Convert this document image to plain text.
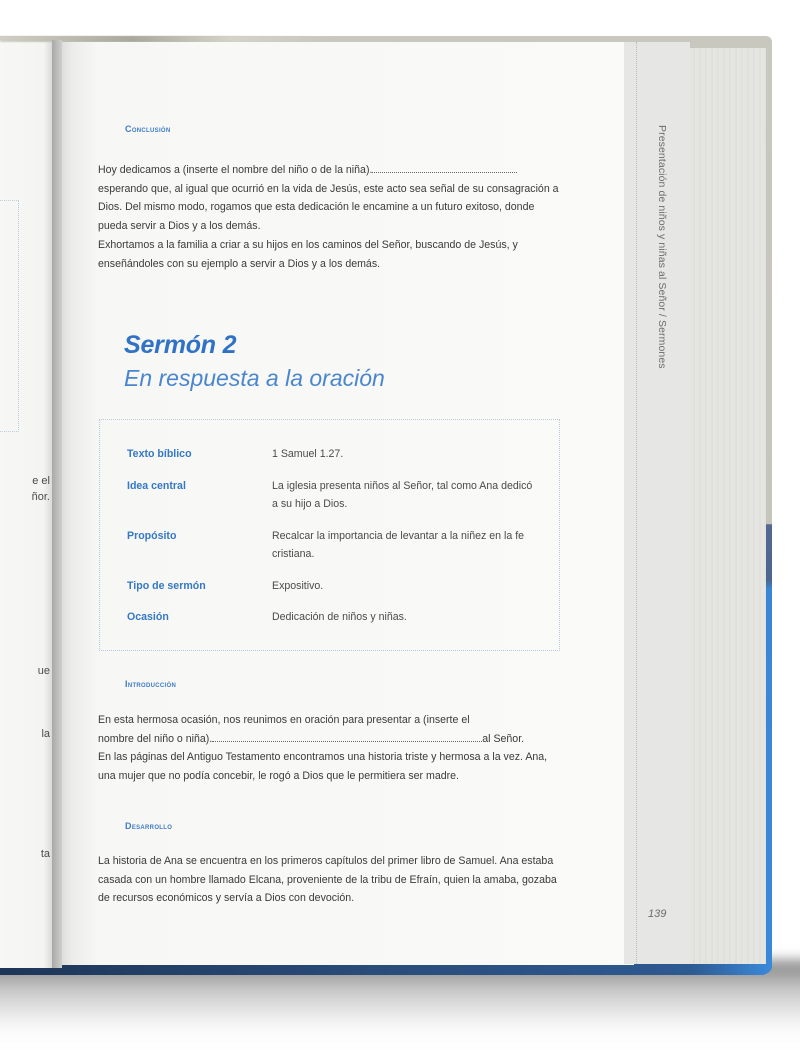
e el
ñor.
ue
la
ta
Presentación de niños y niñas al Señor / Sermones
139
Conclusión
Hoy dedicamos a (inserte el nombre del niño o de la niña).
esperando que, al igual que ocurrió en la vida de Jesús, este acto sea señal de su consagración a Dios. Del mismo modo, rogamos que esta dedicación le encamine a un futuro exitoso, donde pueda servir a Dios y a los demás.
Exhortamos a la familia a criar a su hijos en los caminos del Señor, buscando de Jesús, y enseñándoles con su ejemplo a servir a Dios y a los demás.
Sermón 2
En respuesta a la oración
Texto bíblico	1 Samuel 1.27.
Idea central	La iglesia presenta niños al Señor, tal como Ana dedicó a su hijo a Dios.
Propósito	Recalcar la importancia de levantar a la niñez en la fe cristiana.
Tipo de sermón	Expositivo.
Ocasión	Dedicación de niños y niñas.
Introducción
En esta hermosa ocasión, nos reunimos en oración para presentar a (inserte el
nombre del niño o niña).	al Señor.
En las páginas del Antiguo Testamento encontramos una historia triste y hermosa a la vez. Ana, una mujer que no podía concebir, le rogó a Dios que le permitiera ser madre.
Desarrollo
La historia de Ana se encuentra en los primeros capítulos del primer libro de Samuel. Ana estaba casada con un hombre llamado Elcana, proveniente de la tribu de Efraín, quien la amaba, gozaba de recursos económicos y servía a Dios con devoción.
